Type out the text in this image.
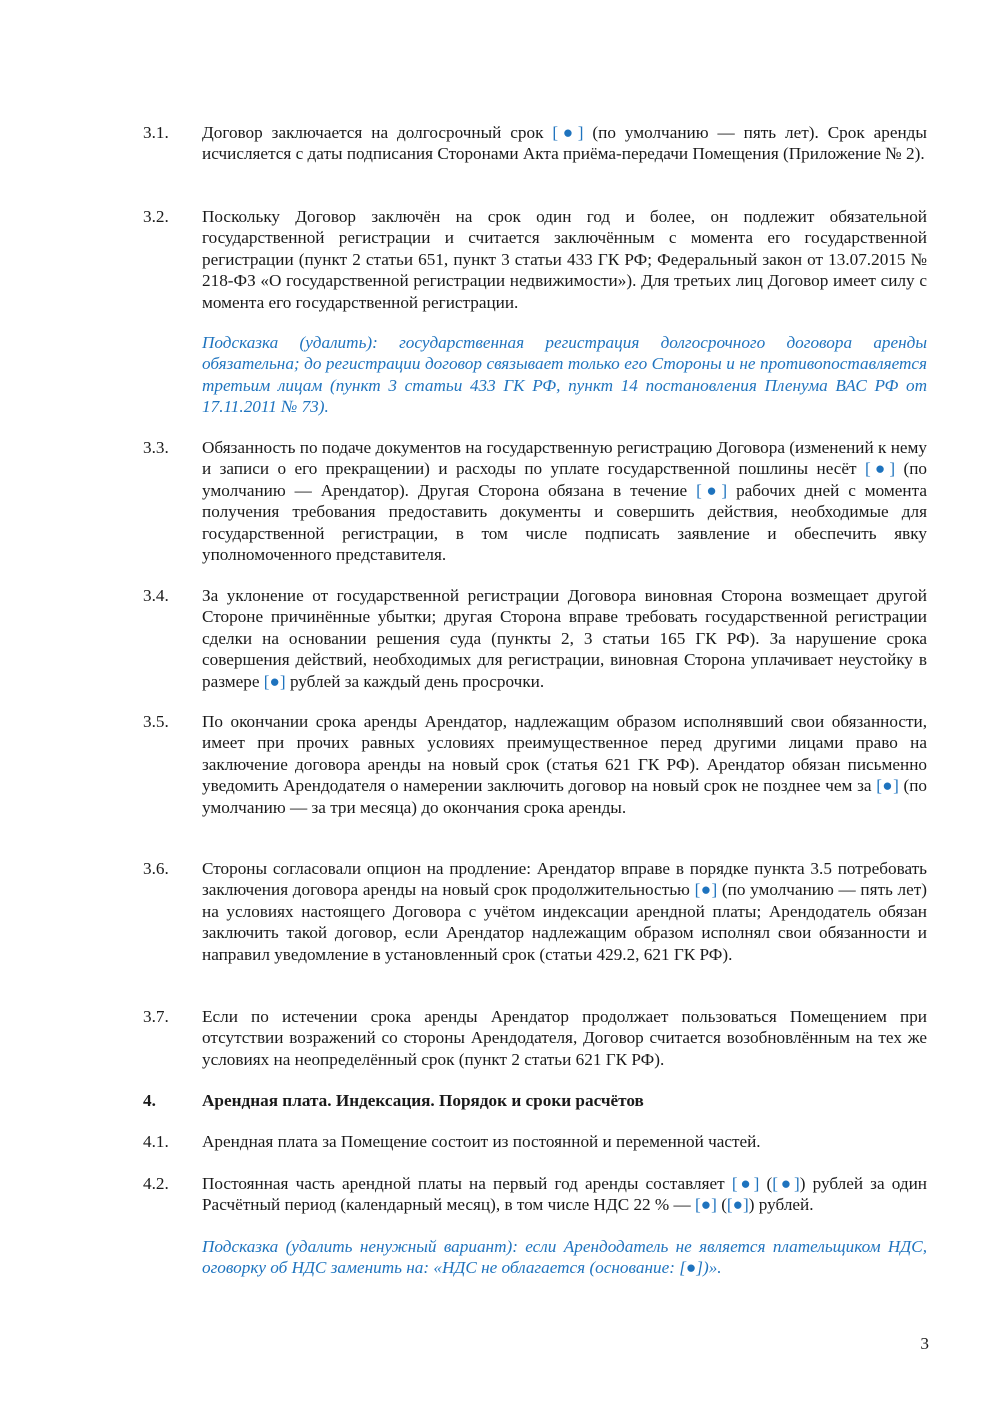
3.1.	Договор заключается на долгосрочный срок [●] (по умолчанию — пять лет). Срок аренды исчисляется с даты подписания Сторонами Акта приёма-передачи Помещения (Приложение № 2).
3.2.	Поскольку Договор заключён на срок один год и более, он подлежит обязательной государственной регистрации и считается заключённым с момента его государственной регистрации (пункт 2 статьи 651, пункт 3 статьи 433 ГК РФ; Федеральный закон от 13.07.2015 № 218-ФЗ «О государственной регистрации недвижимости»). Для третьих лиц Договор имеет силу с момента его государственной регистрации.
Подсказка (удалить): государственная регистрация долгосрочного договора аренды обязательна; до регистрации договор связывает только его Стороны и не противопоставляется третьим лицам (пункт 3 статьи 433 ГК РФ, пункт 14 постановления Пленума ВАС РФ от 17.11.2011 № 73).
3.3.	Обязанность по подаче документов на государственную регистрацию Договора (изменений к нему и записи о его прекращении) и расходы по уплате государственной пошлины несёт [●] (по умолчанию — Арендатор). Другая Сторона обязана в течение [●] рабочих дней с момента получения требования предоставить документы и совершить действия, необходимые для государственной регистрации, в том числе подписать заявление и обеспечить явку уполномоченного представителя.
3.4.	За уклонение от государственной регистрации Договора виновная Сторона возмещает другой Стороне причинённые убытки; другая Сторона вправе требовать государственной регистрации сделки на основании решения суда (пункты 2, 3 статьи 165 ГК РФ). За нарушение срока совершения действий, необходимых для регистрации, виновная Сторона уплачивает неустойку в размере [●] рублей за каждый день просрочки.
3.5.	По окончании срока аренды Арендатор, надлежащим образом исполнявший свои обязанности, имеет при прочих равных условиях преимущественное перед другими лицами право на заключение договора аренды на новый срок (статья 621 ГК РФ). Арендатор обязан письменно уведомить Арендодателя о намерении заключить договор на новый срок не позднее чем за [●] (по умолчанию — за три месяца) до окончания срока аренды.
3.6.	Стороны согласовали опцион на продление: Арендатор вправе в порядке пункта 3.5 потребовать заключения договора аренды на новый срок продолжительностью [●] (по умолчанию — пять лет) на условиях настоящего Договора с учётом индексации арендной платы; Арендодатель обязан заключить такой договор, если Арендатор надлежащим образом исполнял свои обязанности и направил уведомление в установленный срок (статьи 429.2, 621 ГК РФ).
3.7.	Если по истечении срока аренды Арендатор продолжает пользоваться Помещением при отсутствии возражений со стороны Арендодателя, Договор считается возобновлённым на тех же условиях на неопределённый срок (пункт 2 статьи 621 ГК РФ).
4.	Арендная плата. Индексация. Порядок и сроки расчётов
4.1.	Арендная плата за Помещение состоит из постоянной и переменной частей.
4.2.	Постоянная часть арендной платы на первый год аренды составляет [●] ([●]) рублей за один Расчётный период (календарный месяц), в том числе НДС 22 % — [●] ([●]) рублей.
Подсказка (удалить ненужный вариант): если Арендодатель не является плательщиком НДС, оговорку об НДС заменить на: «НДС не облагается (основание: [●])».
3
